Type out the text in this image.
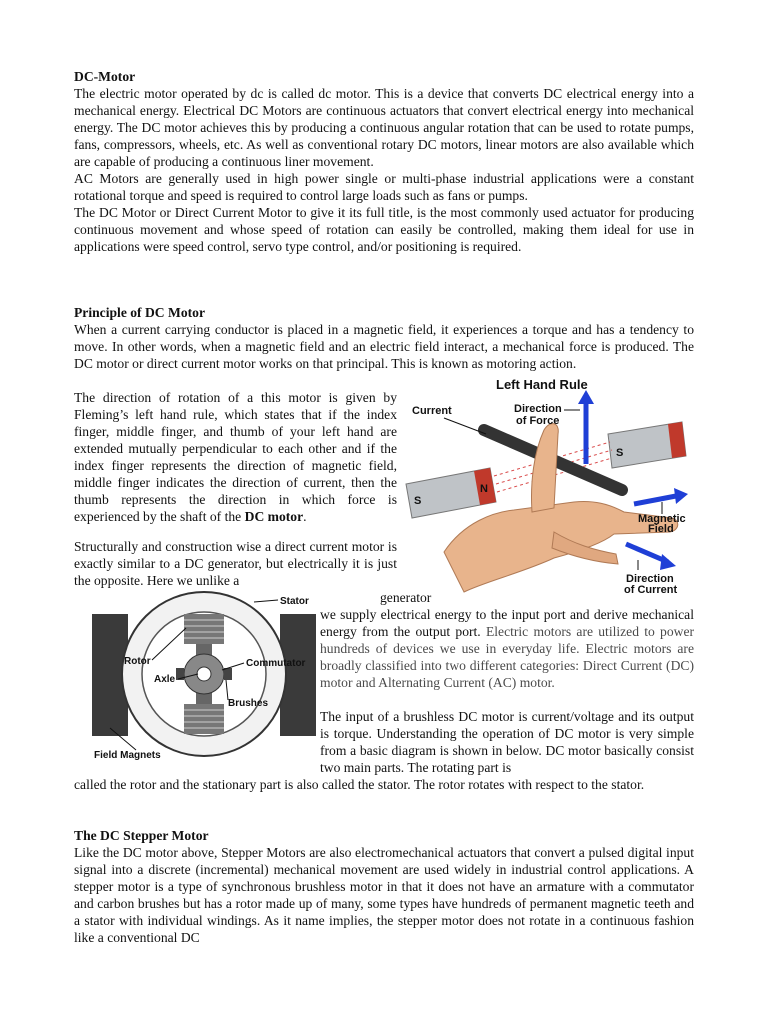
DC-Motor

The electric motor operated by dc is called dc motor. This is a device that converts DC electrical energy into a mechanical energy. Electrical DC Motors are continuous actuators that convert electrical energy into mechanical energy. The DC motor achieves this by producing a continuous angular rotation that can be used to rotate pumps, fans, compressors, wheels, etc. As well as conventional rotary DC motors, linear motors are also available which are capable of producing a continuous liner movement.

AC Motors are generally used in high power single or multi-phase industrial applications were a constant rotational torque and speed is required to control large loads such as fans or pumps.

The DC Motor or Direct Current Motor to give it its full title, is the most commonly used actuator for producing continuous movement and whose speed of rotation can easily be controlled, making them ideal for use in applications were speed control, servo type control, and/or positioning is required.

Principle of DC Motor

When a current carrying conductor is placed in a magnetic field, it experiences a torque and has a tendency to move. In other words, when a magnetic field and an electric field interact, a mechanical force is produced. The DC motor or direct current motor works on that principal. This is known as motoring action.

The direction of rotation of a this motor is given by Fleming’s left hand rule, which states that if the index finger, middle finger, and thumb of your left hand are extended mutually perpendicular to each other and if the index finger represents the direction of magnetic field, middle finger indicates the direction of current, then the thumb represents the direction in which force is experienced by the shaft of the DC motor.

Structurally and construction wise a direct current motor is exactly similar to a DC generator, but electrically it is just the opposite. Here we unlike a

generator

we supply electrical energy to the input port and derive mechanical energy from the output port. Electric motors are utilized to power hundreds of devices we use in everyday life. Electric motors are broadly classified into two different categories: Direct Current (DC) motor and Alternating Current (AC) motor.

The input of a brushless DC motor is current/voltage and its output is torque. Understanding the operation of DC motor is very simple from a basic diagram is shown in below. DC motor basically consist two main parts. The rotating part is

called the rotor and the stationary part is also called the stator. The rotor rotates with respect to the stator.

The DC Stepper Motor

Like the DC motor above, Stepper Motors are also electromechanical actuators that convert a pulsed digital input signal into a discrete (incremental) mechanical movement are used widely in industrial control applications. A stepper motor is a type of synchronous brushless motor in that it does not have an armature with a commutator and carbon brushes but has a rotor made up of many, some types have hundreds of permanent magnetic teeth and a stator with individual windings. As it name implies, the stepper motor does not rotate in a continuous fashion like a conventional DC

Left Hand Rule
S
N
S
Current	Direction
of Force
Magnetic
Field
Direction
of Current
Stator
Rotor	Commutator
Axle
Brushes
Field Magnets
